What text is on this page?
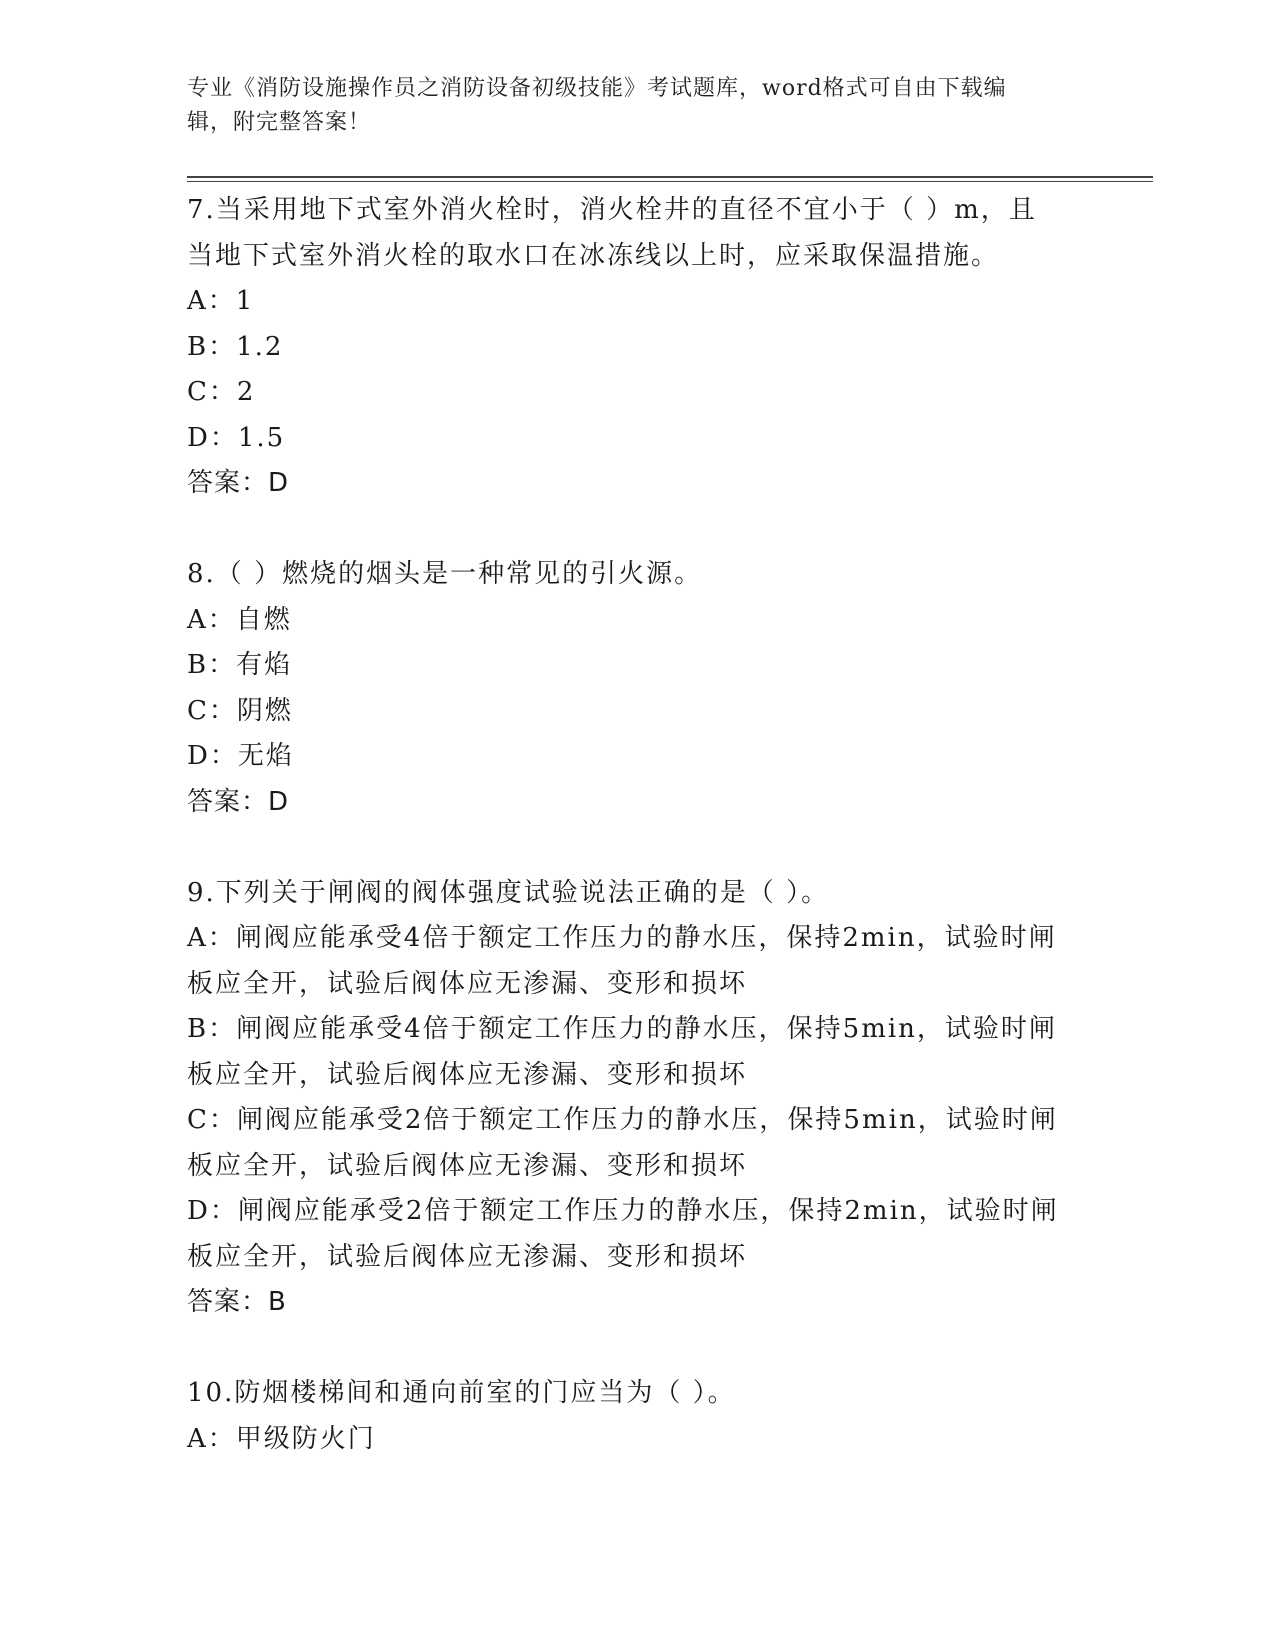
专业《消防设施操作员之消防设备初级技能》考试题库，word格式可自由下载编
辑，附完整答案！
7.当采用地下式室外消火栓时，消火栓井的直径不宜小于（ ）m，且
当地下式室外消火栓的取水口在冰冻线以上时，应采取保温措施。
A：1
B：1.2
C：2
D：1.5
答案：D
8.（ ）燃烧的烟头是一种常见的引火源。
A：自燃
B：有焰
C：阴燃
D：无焰
答案：D
9.下列关于闸阀的阀体强度试验说法正确的是（ ）。
A：闸阀应能承受4倍于额定工作压力的静水压，保持2min，试验时闸
板应全开，试验后阀体应无渗漏、变形和损坏
B：闸阀应能承受4倍于额定工作压力的静水压，保持5min，试验时闸
板应全开，试验后阀体应无渗漏、变形和损坏
C：闸阀应能承受2倍于额定工作压力的静水压，保持5min，试验时闸
板应全开，试验后阀体应无渗漏、变形和损坏
D：闸阀应能承受2倍于额定工作压力的静水压，保持2min，试验时闸
板应全开，试验后阀体应无渗漏、变形和损坏
答案：B
10.防烟楼梯间和通向前室的门应当为（ ）。
A：甲级防火门
